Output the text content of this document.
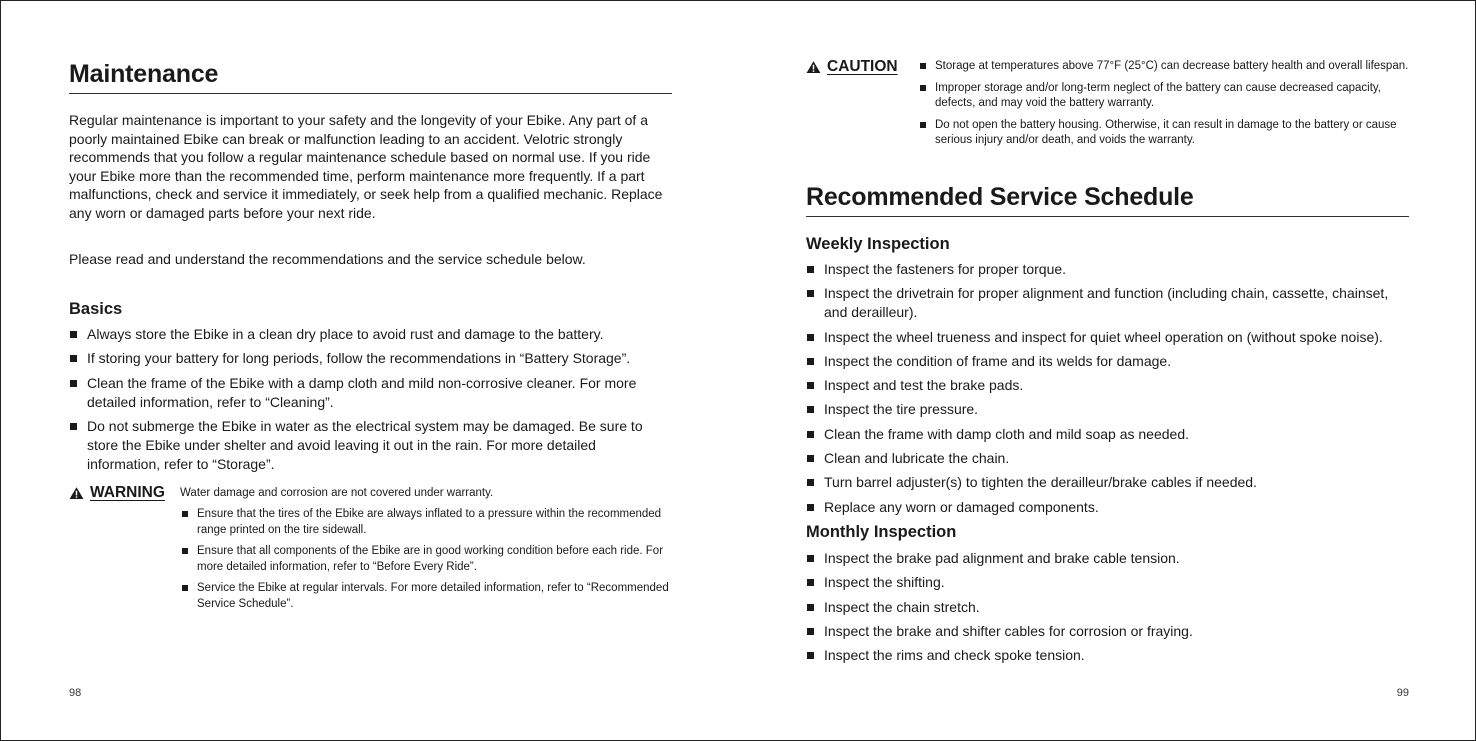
Maintenance

Regular maintenance is important to your safety and the longevity of your Ebike. Any part of a poorly maintained Ebike can break or malfunction leading to an accident. Velotric strongly recommends that you follow a regular maintenance schedule based on normal use. If you ride your Ebike more than the recommended time, perform maintenance more frequently. If a part malfunctions, check and service it immediately, or seek help from a qualified mechanic. Replace any worn or damaged parts before your next ride.

Please read and understand the recommendations and the service schedule below.

Basics
Always store the Ebike in a clean dry place to avoid rust and damage to the battery.
If storing your battery for long periods, follow the recommendations in “Battery Storage”.
Clean the frame of the Ebike with a damp cloth and mild non-corrosive cleaner. For more detailed information, refer to “Cleaning”.
Do not submerge the Ebike in water as the electrical system may be damaged. Be sure to store the Ebike under shelter and avoid leaving it out in the rain. For more detailed information, refer to “Storage”.
WARNING Water damage and corrosion are not covered under warranty.
Ensure that the tires of the Ebike are always inflated to a pressure within the recommended range printed on the tire sidewall.
Ensure that all components of the Ebike are in good working condition before each ride. For more detailed information, refer to “Before Every Ride”.
Service the Ebike at regular intervals. For more detailed information, refer to “Recommended Service Schedule”.
98
CAUTION	Storage at temperatures above 77°F (25°C) can decrease battery health and overall lifespan.
Improper storage and/or long-term neglect of the battery can cause decreased capacity, defects, and may void the battery warranty.
Do not open the battery housing. Otherwise, it can result in damage to the battery or cause serious injury and/or death, and voids the warranty.
Recommended Service Schedule
Weekly Inspection
Inspect the fasteners for proper torque.
Inspect the drivetrain for proper alignment and function (including chain, cassette, chainset, and derailleur).
Inspect the wheel trueness and inspect for quiet wheel operation on (without spoke noise).
Inspect the condition of frame and its welds for damage.
Inspect and test the brake pads.
Inspect the tire pressure.
Clean the frame with damp cloth and mild soap as needed.
Clean and lubricate the chain.
Turn barrel adjuster(s) to tighten the derailleur/brake cables if needed.
Replace any worn or damaged components.
Monthly Inspection
Inspect the brake pad alignment and brake cable tension.
Inspect the shifting.
Inspect the chain stretch.
Inspect the brake and shifter cables for corrosion or fraying.
Inspect the rims and check spoke tension.
99
